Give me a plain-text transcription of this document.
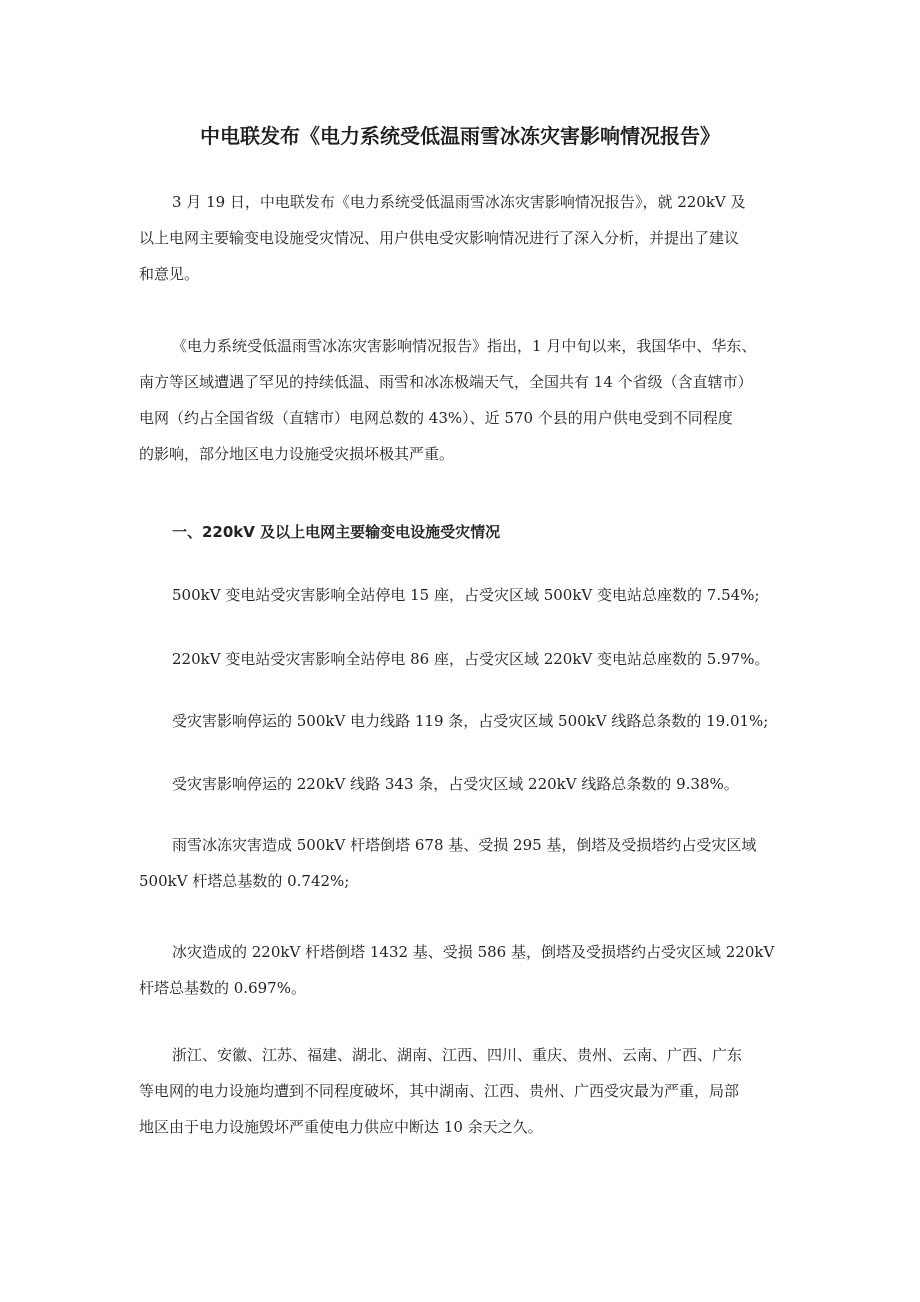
中电联发布《电力系统受低温雨雪冰冻灾害影响情况报告》

3 月 19 日，中电联发布《电力系统受低温雨雪冰冻灾害影响情况报告》，就 220kV 及
以上电网主要输变电设施受灾情况、用户供电受灾影响情况进行了深入分析，并提出了建议
和意见。

《电力系统受低温雨雪冰冻灾害影响情况报告》指出，1 月中旬以来，我国华中、华东、
南方等区域遭遇了罕见的持续低温、雨雪和冰冻极端天气，全国共有 14 个省级（含直辖市）
电网（约占全国省级（直辖市）电网总数的 43%）、近 570 个县的用户供电受到不同程度
的影响，部分地区电力设施受灾损坏极其严重。

一、220kV 及以上电网主要输变电设施受灾情况

500kV 变电站受灾害影响全站停电 15 座，占受灾区域 500kV 变电站总座数的 7.54%;

220kV 变电站受灾害影响全站停电 86 座，占受灾区域 220kV 变电站总座数的 5.97%。

受灾害影响停运的 500kV 电力线路 119 条，占受灾区域 500kV 线路总条数的 19.01%;

受灾害影响停运的 220kV 线路 343 条，占受灾区域 220kV 线路总条数的 9.38%。

雨雪冰冻灾害造成 500kV 杆塔倒塔 678 基、受损 295 基，倒塔及受损塔约占受灾区域
500kV 杆塔总基数的 0.742%;

冰灾造成的 220kV 杆塔倒塔 1432 基、受损 586 基，倒塔及受损塔约占受灾区域 220kV
杆塔总基数的 0.697%。

浙江、安徽、江苏、福建、湖北、湖南、江西、四川、重庆、贵州、云南、广西、广东
等电网的电力设施均遭到不同程度破坏，其中湖南、江西、贵州、广西受灾最为严重，局部
地区由于电力设施毁坏严重使电力供应中断达 10 余天之久。
